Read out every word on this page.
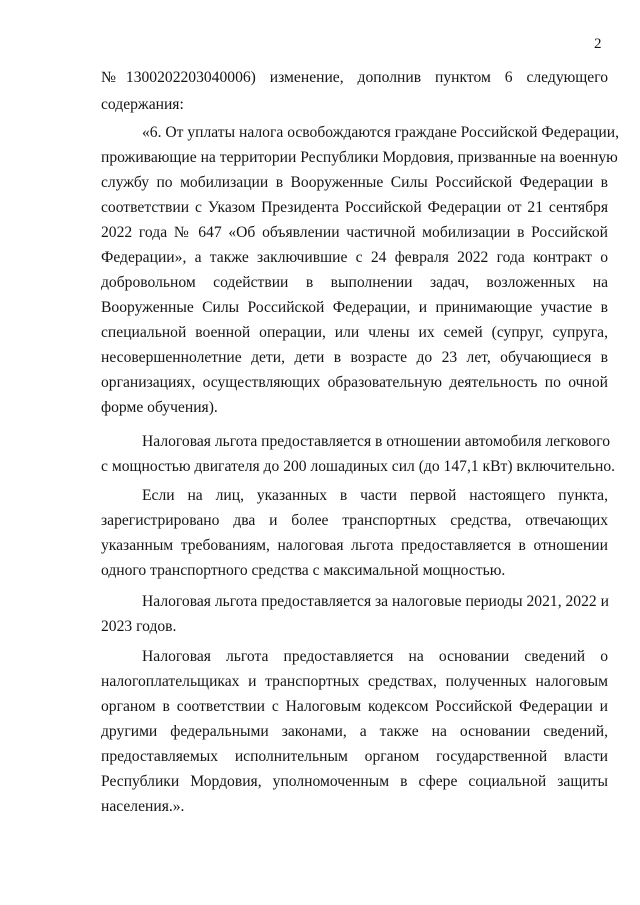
2

№1300202203040006) изменение, дополнив пунктом 6 следующего

содержания:

«6. От уплаты налога освобождаются граждане Российской Федерации,

проживающие на территории Республики Мордовия, призванные на военную

службу по мобилизации в Вооруженные Силы Российской Федерации в

соответствии с Указом Президента Российской Федерации от 21 сентября

2022 года № 647 «Об объявлении частичной мобилизации в Российской

Федерации», а также заключившие с 24 февраля 2022 года контракт о

добровольном содействии в выполнении задач, возложенных на

Вооруженные Силы Российской Федерации, и принимающие участие в

специальной военной операции, или члены их семей (супруг, супруга,

несовершеннолетние дети, дети в возрасте до 23 лет, обучающиеся в

организациях, осуществляющих образовательную деятельность по очной

форме обучения).

Налоговая льгота предоставляется в отношении автомобиля легкового

с мощностью двигателя до 200 лошадиных сил (до 147,1 кВт) включительно.

Если на лиц, указанных в части первой настоящего пункта,

зарегистрировано два и более транспортных средства, отвечающих

указанным требованиям, налоговая льгота предоставляется в отношении

одного транспортного средства с максимальной мощностью.

Налоговая льгота предоставляется за налоговые периоды 2021, 2022 и

2023 годов.

Налоговая льгота предоставляется на основании сведений о

налогоплательщиках и транспортных средствах, полученных налоговым

органом в соответствии с Налоговым кодексом Российской Федерации и

другими федеральными законами, а также на основании сведений,

предоставляемых исполнительным органом государственной власти

Республики Мордовия, уполномоченным в сфере социальной защиты

населения.».
